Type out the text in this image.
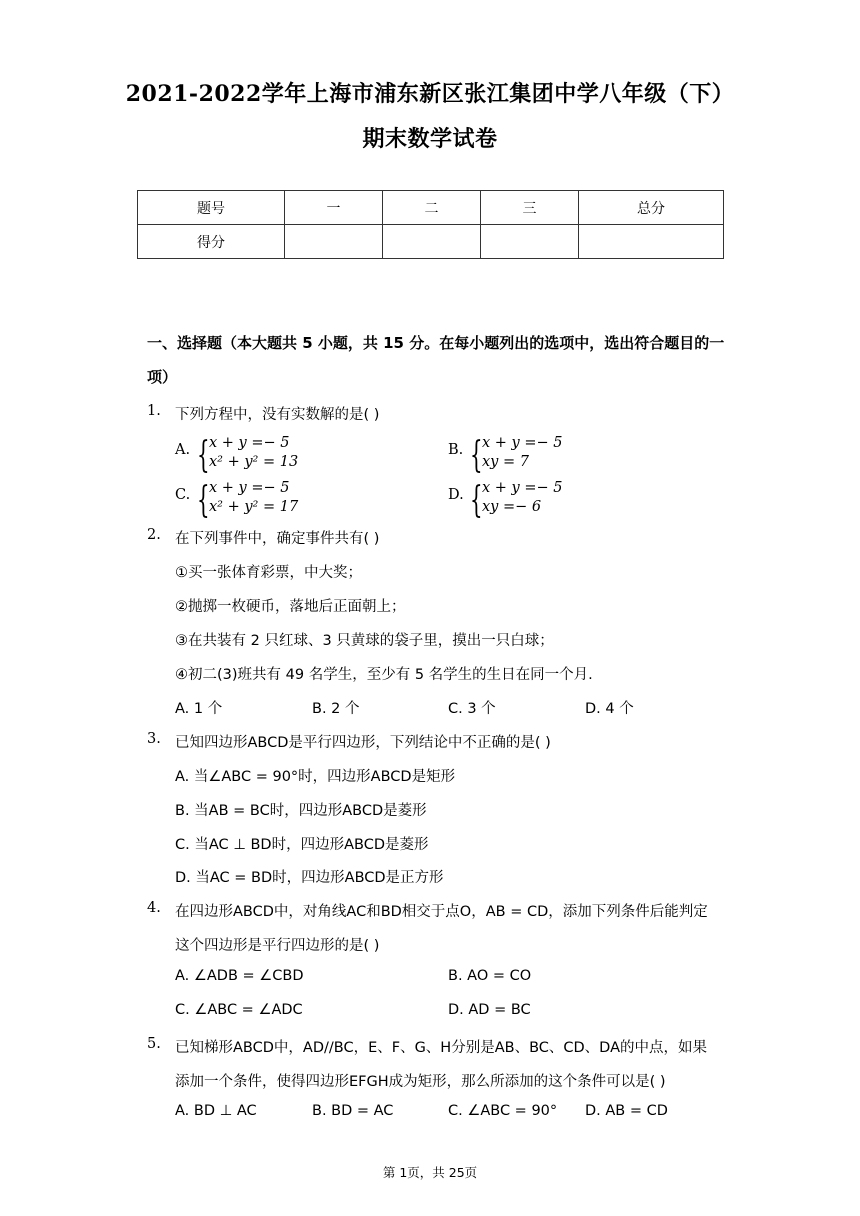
2021-2022学年上海市浦东新区张江集团中学八年级（下）
期末数学试卷
题号	一	二	三	总分
得分				
一、选择题（本大题共 5 小题，共 15 分。在每小题列出的选项中，选出符合题目的一
项）
1. 下列方程中，没有实数解的是( )
A. { x + y =− 5
x² + y² = 13
B. { x + y =− 5
xy = 7
C. { x + y =− 5
x² + y² = 17
D. { x + y =− 5
xy =− 6
2. 在下列事件中，确定事件共有( )
①买一张体育彩票，中大奖；
②抛掷一枚硬币，落地后正面朝上；
③在共装有 2 只红球、3 只黄球的袋子里，摸出一只白球；
④初二(3)班共有 49 名学生，至少有 5 名学生的生日在同一个月.
A. 1 个	B. 2 个	C. 3 个	D. 4 个
3. 已知四边形ABCD是平行四边形，下列结论中不正确的是( )
A. 当∠ABC = 90°时，四边形ABCD是矩形
B. 当AB = BC时，四边形ABCD是菱形
C. 当AC ⊥ BD时，四边形ABCD是菱形
D. 当AC = BD时，四边形ABCD是正方形
4. 在四边形ABCD中，对角线AC和BD相交于点O，AB = CD，添加下列条件后能判定
这个四边形是平行四边形的是( )
A. ∠ADB = ∠CBD	B. AO = CO
C. ∠ABC = ∠ADC	D. AD = BC
5. 已知梯形ABCD中，AD//BC，E、F、G、H分别是AB、BC、CD、DA的中点，如果
添加一个条件，使得四边形EFGH成为矩形，那么所添加的这个条件可以是( )
A. BD ⊥ AC	B. BD = AC	C. ∠ABC = 90° D. AB = CD
第 1页，共 25页
